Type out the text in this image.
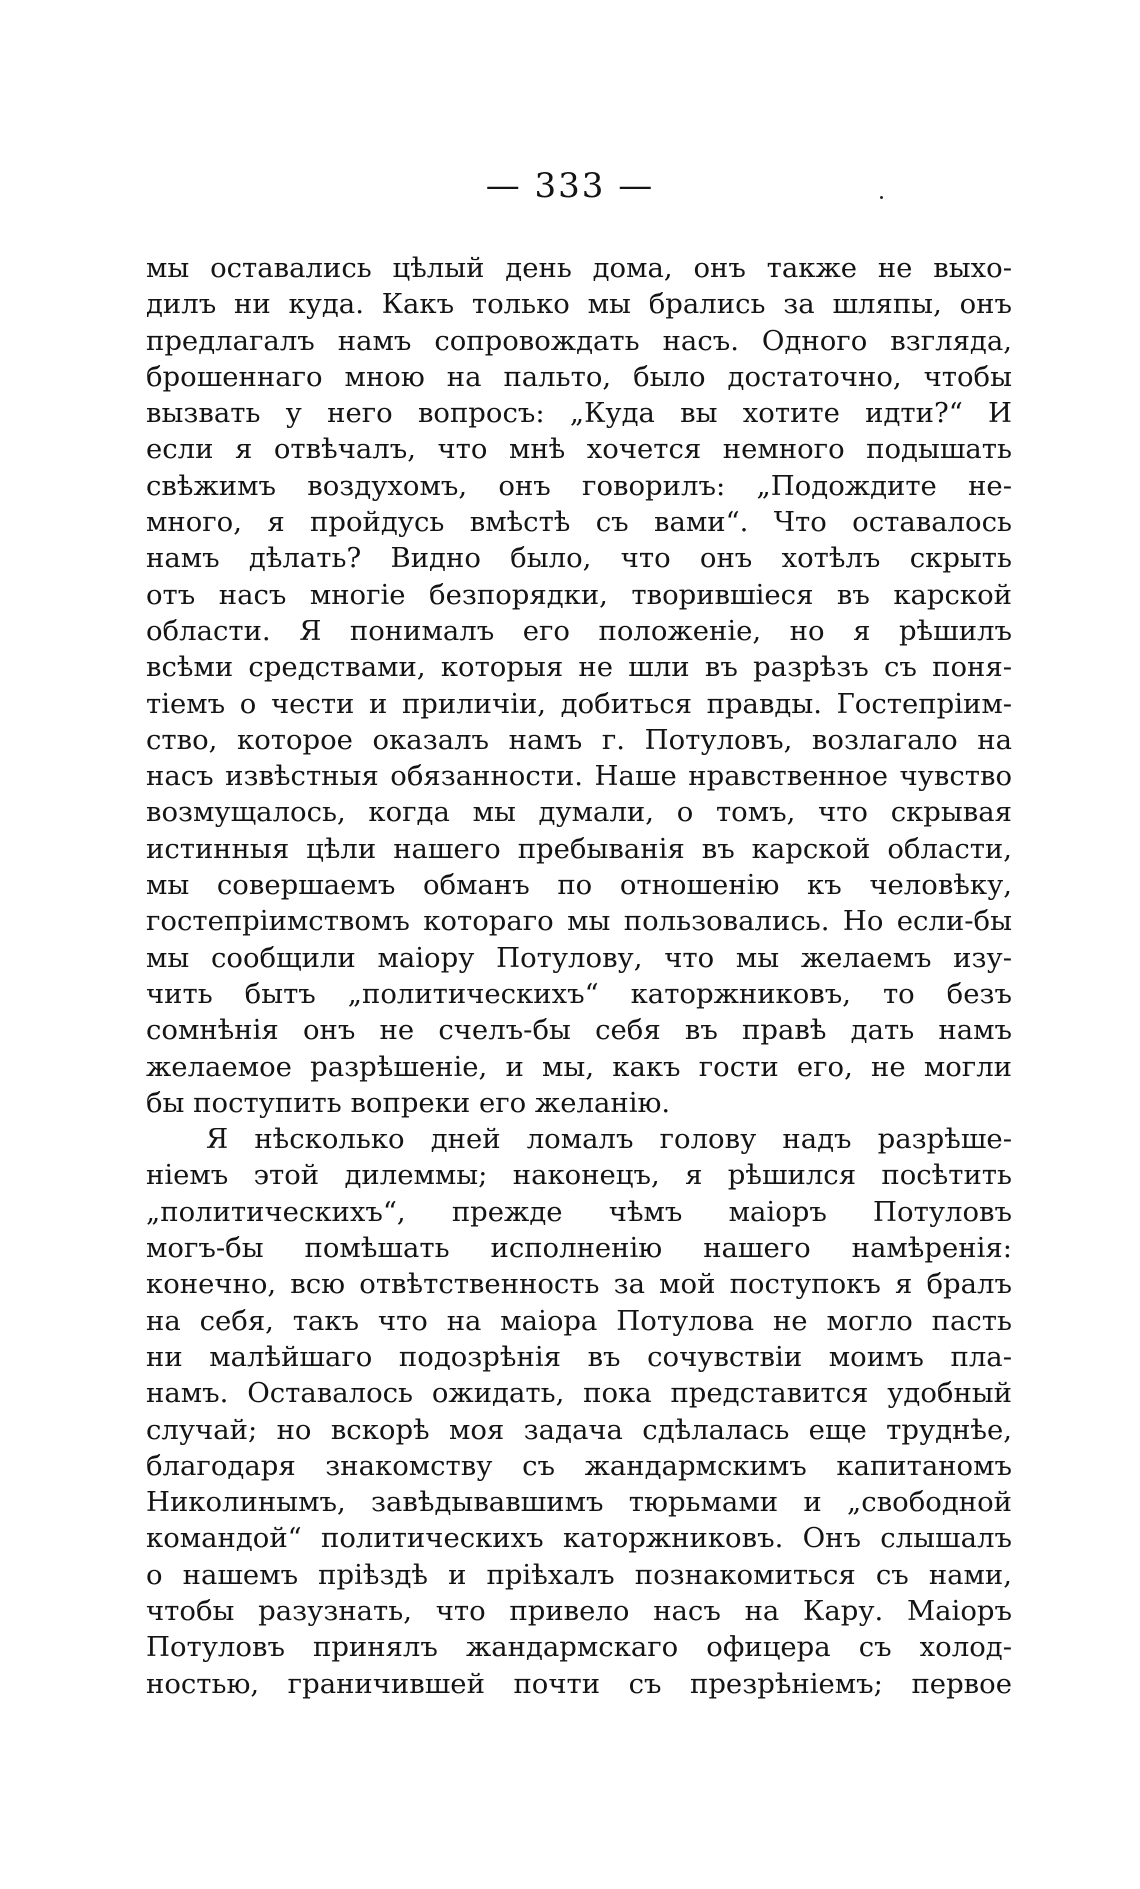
— 333 —
мы оставались цѣлый день дома, онъ также не выхо-
дилъ ни куда. Какъ только мы брались за шляпы, онъ
предлагалъ намъ сопровождать насъ. Одного взгляда,
брошеннаго мною на пальто, было достаточно, чтобы
вызвать у него вопросъ: „Куда вы хотите идти?“ И
если я отвѣчалъ, что мнѣ хочется немного подышать
свѣжимъ воздухомъ, онъ говорилъ: „Подождите не-
много, я пройдусь вмѣстѣ съ вами“. Что оставалось
намъ дѣлать? Видно было, что онъ хотѣлъ скрыть
отъ насъ многіе безпорядки, творившіеся въ карской
области. Я понималъ его положеніе, но я рѣшилъ
всѣми средствами, которыя не шли въ разрѣзъ съ поня-
тіемъ о чести и приличіи, добиться правды. Гостепріим-
ство, которое оказалъ намъ г. Потуловъ, возлагало на
насъ извѣстныя обязанности. Наше нравственное чувство
возмущалось, когда мы думали, о томъ, что скрывая
истинныя цѣли нашего пребыванія въ карской области,
мы совершаемъ обманъ по отношенію къ человѣку,
гостепріимствомъ котораго мы пользовались. Но если-бы
мы сообщили маіору Потулову, что мы желаемъ изу-
чить бытъ „политическихъ“ каторжниковъ, то безъ
сомнѣнія онъ не счелъ-бы себя въ правѣ дать намъ
желаемое разрѣшеніе, и мы, какъ гости его, не могли
бы поступить вопреки его желанію.
Я нѣсколько дней ломалъ голову надъ разрѣше-
ніемъ этой дилеммы; наконецъ, я рѣшился посѣтить
„политическихъ“, прежде чѣмъ маіоръ Потуловъ
могъ-бы помѣшать исполненію нашего намѣренія:
конечно, всю отвѣтственность за мой поступокъ я бралъ
на себя, такъ что на маіора Потулова не могло пасть
ни малѣйшаго подозрѣнія въ сочувствіи моимъ пла-
намъ. Оставалось ожидать, пока представится удобный
случай; но вскорѣ моя задача сдѣлалась еще труднѣе,
благодаря знакомству съ жандармскимъ капитаномъ
Николинымъ, завѣдывавшимъ тюрьмами и „свободной
командой“ политическихъ каторжниковъ. Онъ слышалъ
о нашемъ пріѣздѣ и пріѣхалъ познакомиться съ нами,
чтобы разузнать, что привело насъ на Кару. Маіоръ
Потуловъ принялъ жандармскаго офицера съ холод-
ностью, граничившей почти съ презрѣніемъ; первое
